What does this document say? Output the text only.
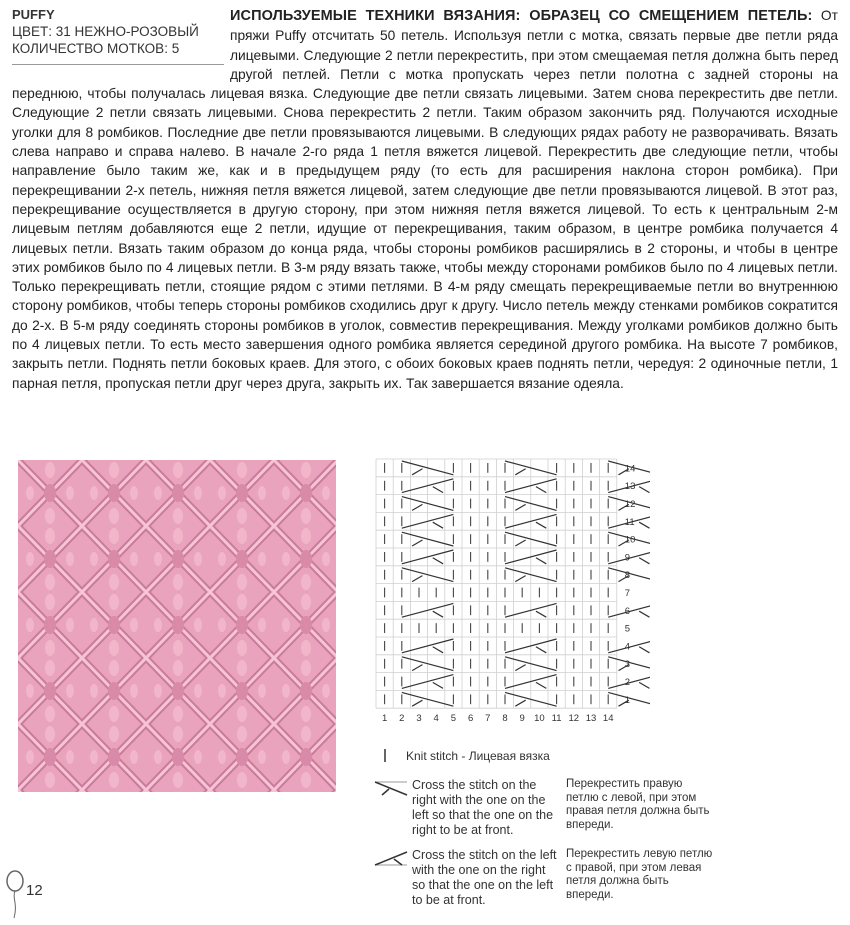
ИСПОЛЬЗУЕМЫЕ ТЕХНИКИ ВЯЗАНИЯ: ОБРАЗЕЦ СО СМЕЩЕНИЕМ ПЕТЕЛЬ: От пряжи Puffy отсчитать 50 петель. Используя петли с мотка, связать первые две петли ряда лицевыми. Следующие 2 петли перекрестить, при этом смещаемая петля должна быть перед другой петлей. Петли с мотка пропускать через петли полотна с задней стороны на переднюю, чтобы получалась лицевая вязка. Следующие две петли связать лицевыми. Затем снова перекрестить две петли. Следующие 2 петли связать лицевыми. Снова перекрестить 2 петли. Таким образом закончить ряд. Получаются исходные уголки для 8 ромбиков. Последние две петли провязываются лицевыми. В следующих рядах работу не разворачивать. Вязать слева направо и справа налево. В начале 2-го ряда 1 петля вяжется лицевой. Перекрестить две следующие петли, чтобы направление было таким же, как и в предыдущем ряду (то есть для расширения наклона сторон ромбика). При перекрещивании 2-х петель, нижняя петля вяжется лицевой, затем следующие две петли провязываются лицевой. В этот раз, перекрещивание осуществляется в другую сторону, при этом нижняя петля вяжется лицевой. То есть к центральным 2-м лицевым петлям добавляются еще 2 петли, идущие от перекрещивания, таким образом, в центре ромбика получается 4 лицевых петли. Вязать таким образом до конца ряда, чтобы стороны ромбиков расширялись в 2 стороны, и чтобы в центре этих ромбиков было по 4 лицевых петли. В 3-м ряду вязать также, чтобы между сторонами ромбиков было по 4 лицевых петли. Только перекрещивать петли, стоящие рядом с этими петлями. В 4-м ряду смещать перекрещиваемые петли во внутреннюю сторону ромбиков, чтобы теперь стороны ромбиков сходились друг к другу. Число петель между стенками ромбиков сократится до 2-х. В 5-м ряду соединять стороны ромбиков в уголок, совместив перекрещивания. Между уголками ромбиков должно быть по 4 лицевых петли. То есть место завершения одного ромбика является серединой другого ромбика. На высоте 7 ромбиков, закрыть петли. Поднять петли боковых краев. Для этого, с обоих боковых краев поднять петли, чередуя: 2 одиночные петли, 1 парная петля, пропуская петли друг через друга, закрыть их. Так завершается вязание одеяла.
PUFFY
ЦВЕТ: 31 НЕЖНО-РОЗОВЫЙ
КОЛИЧЕСТВО МОТКОВ: 5
14
13
12
11
10
9
8
7
6
5
4
3
2
1
1 2 3 4 5 6 7 8 9 10 11 12 13 14
Knit stitch - Лицевая вязка
Cross the stitch on the right with the one on the left so that the one on the right to be at front.
Перекрестить правую петлю с левой, при этом правая петля должна быть впереди.
Cross the stitch on the left with the one on the right so that the one on the left to be at front.
Перекрестить левую петлю с правой, при этом левая петля должна быть впереди.
12
